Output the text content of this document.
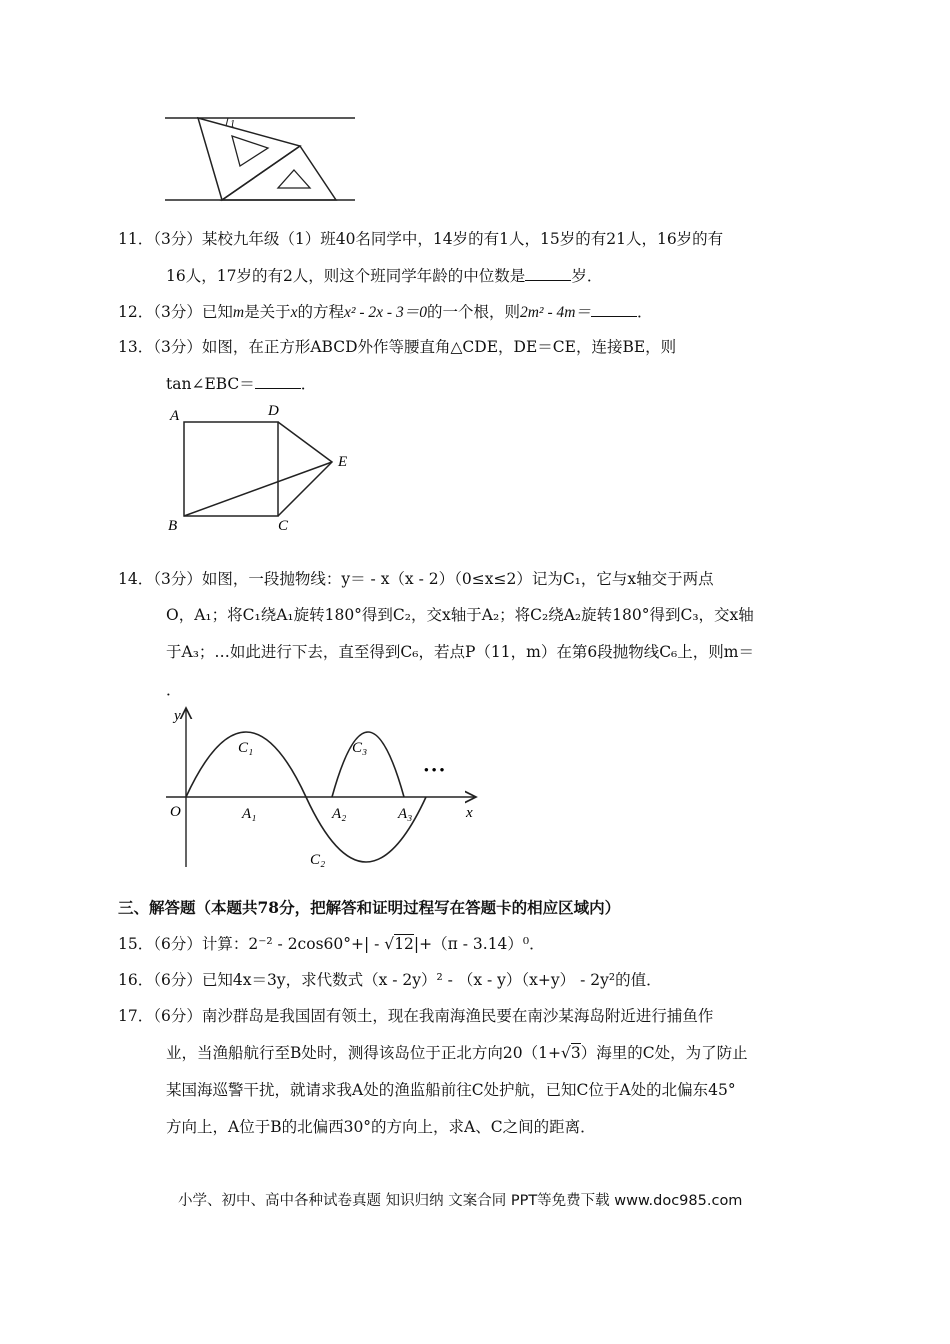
1
11．（3分）某校九年级（1）班40名同学中，14岁的有1人，15岁的有21人，16岁的有
16人，17岁的有2人，则这个班同学年龄的中位数是	岁．
12．（3分）已知m是关于x的方程x² - 2x - 3＝0的一个根，则2m² - 4m＝	．
13．（3分）如图，在正方形ABCD外作等腰直角△CDE，DE＝CE，连接BE，则
tan∠EBC＝	．
A	D
E
B	C
14．（3分）如图，一段抛物线：y＝ - x（x - 2）（0≤x≤2）记为C₁，它与x轴交于两点
O，A₁；将C₁绕A₁旋转180°得到C₂，交x轴于A₂；将C₂绕A₂旋转180°得到C₃，交x轴
于A₃；…如此进行下去，直至得到C₆，若点P（11，m）在第6段抛物线C₆上，则m＝
．
y
x
O	A₁	A₂	A₃
C₁
C₂
C₃
• • •
三、解答题（本题共78分，把解答和证明过程写在答题卡的相应区域内）
15．（6分）计算：2⁻² - 2cos60°+| - √12|+（π - 3.14）⁰．
16．（6分）已知4x＝3y，求代数式（x - 2y）² - （x - y）（x+y） - 2y²的值．
17．（6分）南沙群岛是我国固有领土，现在我南海渔民要在南沙某海岛附近进行捕鱼作
业，当渔船航行至B处时，测得该岛位于正北方向20（1+√3）海里的C处，为了防止
某国海巡警干扰，就请求我A处的渔监船前往C处护航，已知C位于A处的北偏东45°
方向上，A位于B的北偏西30°的方向上，求A、C之间的距离．
小学、初中、高中各种试卷真题 知识归纳 文案合同 PPT等免费下载 www.doc985.com
